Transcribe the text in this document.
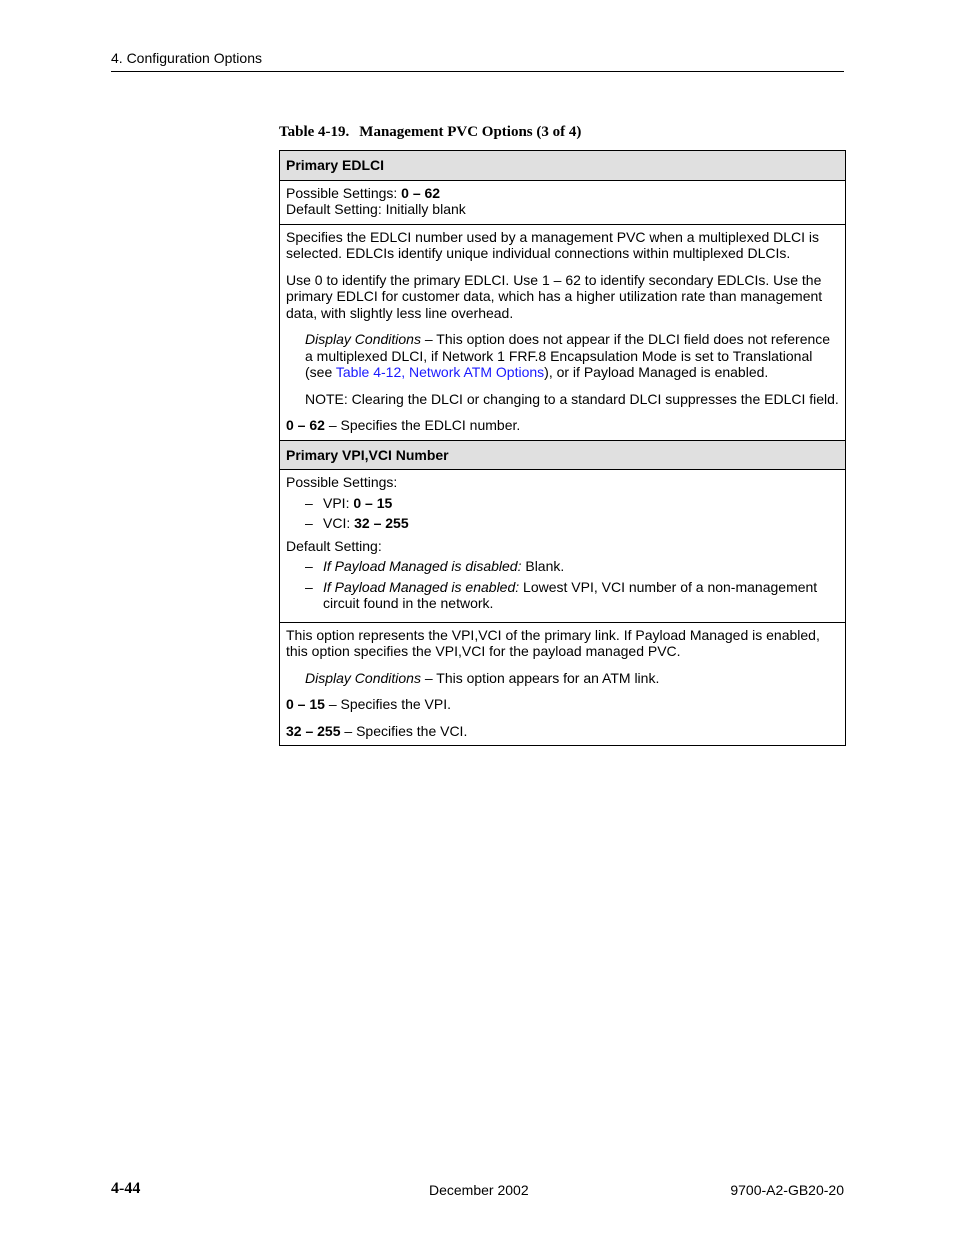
4. Configuration Options
Table 4-19. Management PVC Options (3 of 4)
Primary EDLCI
Possible Settings: 0 – 62
Default Setting: Initially blank

Specifies the EDLCI number used by a management PVC when a multiplexed DLCI is selected. EDLCIs identify unique individual connections within multiplexed DLCIs.

Use 0 to identify the primary EDLCI. Use 1 – 62 to identify secondary EDLCIs. Use the primary EDLCI for customer data, which has a higher utilization rate than management data, with slightly less line overhead.

Display Conditions – This option does not appear if the DLCI field does not reference a multiplexed DLCI, if Network 1 FRF.8 Encapsulation Mode is set to Translational (see Table 4-12, Network ATM Options), or if Payload Managed is enabled.

NOTE: Clearing the DLCI or changing to a standard DLCI suppresses the EDLCI field.

0 – 62 – Specifies the EDLCI number.

Primary VPI,VCI Number
Possible Settings:
– VPI: 0 – 15
– VCI: 32 – 255
Default Setting:
– If Payload Managed is disabled: Blank.
– If Payload Managed is enabled: Lowest VPI, VCI number of a non-management circuit found in the network.

This option represents the VPI,VCI of the primary link. If Payload Managed is enabled, this option specifies the VPI,VCI for the payload managed PVC.

Display Conditions – This option appears for an ATM link.

0 – 15 – Specifies the VPI.

32 – 255 – Specifies the VCI.

4-44	December 2002	9700-A2-GB20-20
